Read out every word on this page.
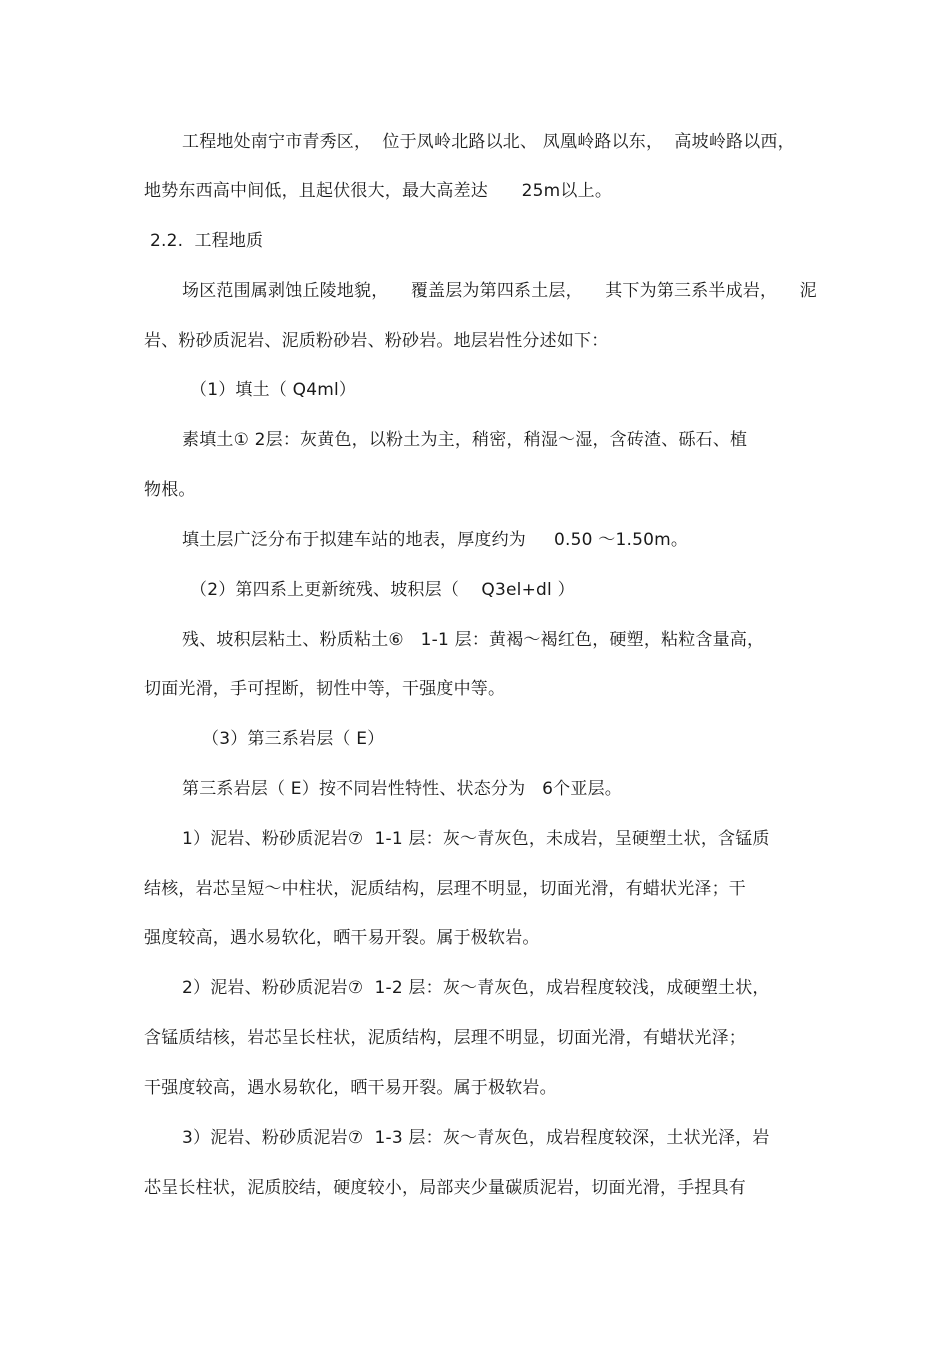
工程地处南宁市青秀区，  位于凤岭北路以北、 凤凰岭路以东，  高坡岭路以西，
地势东西高中间低，且起伏很大，最大高差达      25m以上。
2.2.  工程地质
场区范围属剥蚀丘陵地貌，    覆盖层为第四系土层，    其下为第三系半成岩，    泥
岩、粉砂质泥岩、泥质粉砂岩、粉砂岩。地层岩性分述如下：
（1）填土（ Q4ml）
素填土① 2层：灰黄色，以粉土为主，稍密，稍湿～湿，含砖渣、砾石、植
物根。
填土层广泛分布于拟建车站的地表，厚度约为     0.50 ～1.50m。
（2）第四系上更新统残、坡积层（    Q3el+dl ）
残、坡积层粘土、粉质粘土⑥   1-1 层：黄褐～褐红色，硬塑，粘粒含量高，
切面光滑，手可捏断，韧性中等，干强度中等。
（3）第三系岩层（ E）
第三系岩层（ E）按不同岩性特性、状态分为   6个亚层。
1）泥岩、粉砂质泥岩⑦  1-1 层：灰～青灰色，未成岩，呈硬塑土状，含锰质
结核，岩芯呈短～中柱状，泥质结构，层理不明显，切面光滑，有蜡状光泽；干
强度较高，遇水易软化，晒干易开裂。属于极软岩。
2）泥岩、粉砂质泥岩⑦  1-2 层：灰～青灰色，成岩程度较浅，成硬塑土状，
含锰质结核，岩芯呈长柱状，泥质结构，层理不明显，切面光滑，有蜡状光泽；
干强度较高，遇水易软化，晒干易开裂。属于极软岩。
3）泥岩、粉砂质泥岩⑦  1-3 层：灰～青灰色，成岩程度较深，土状光泽，岩
芯呈长柱状，泥质胶结，硬度较小，局部夹少量碳质泥岩，切面光滑，手捏具有
